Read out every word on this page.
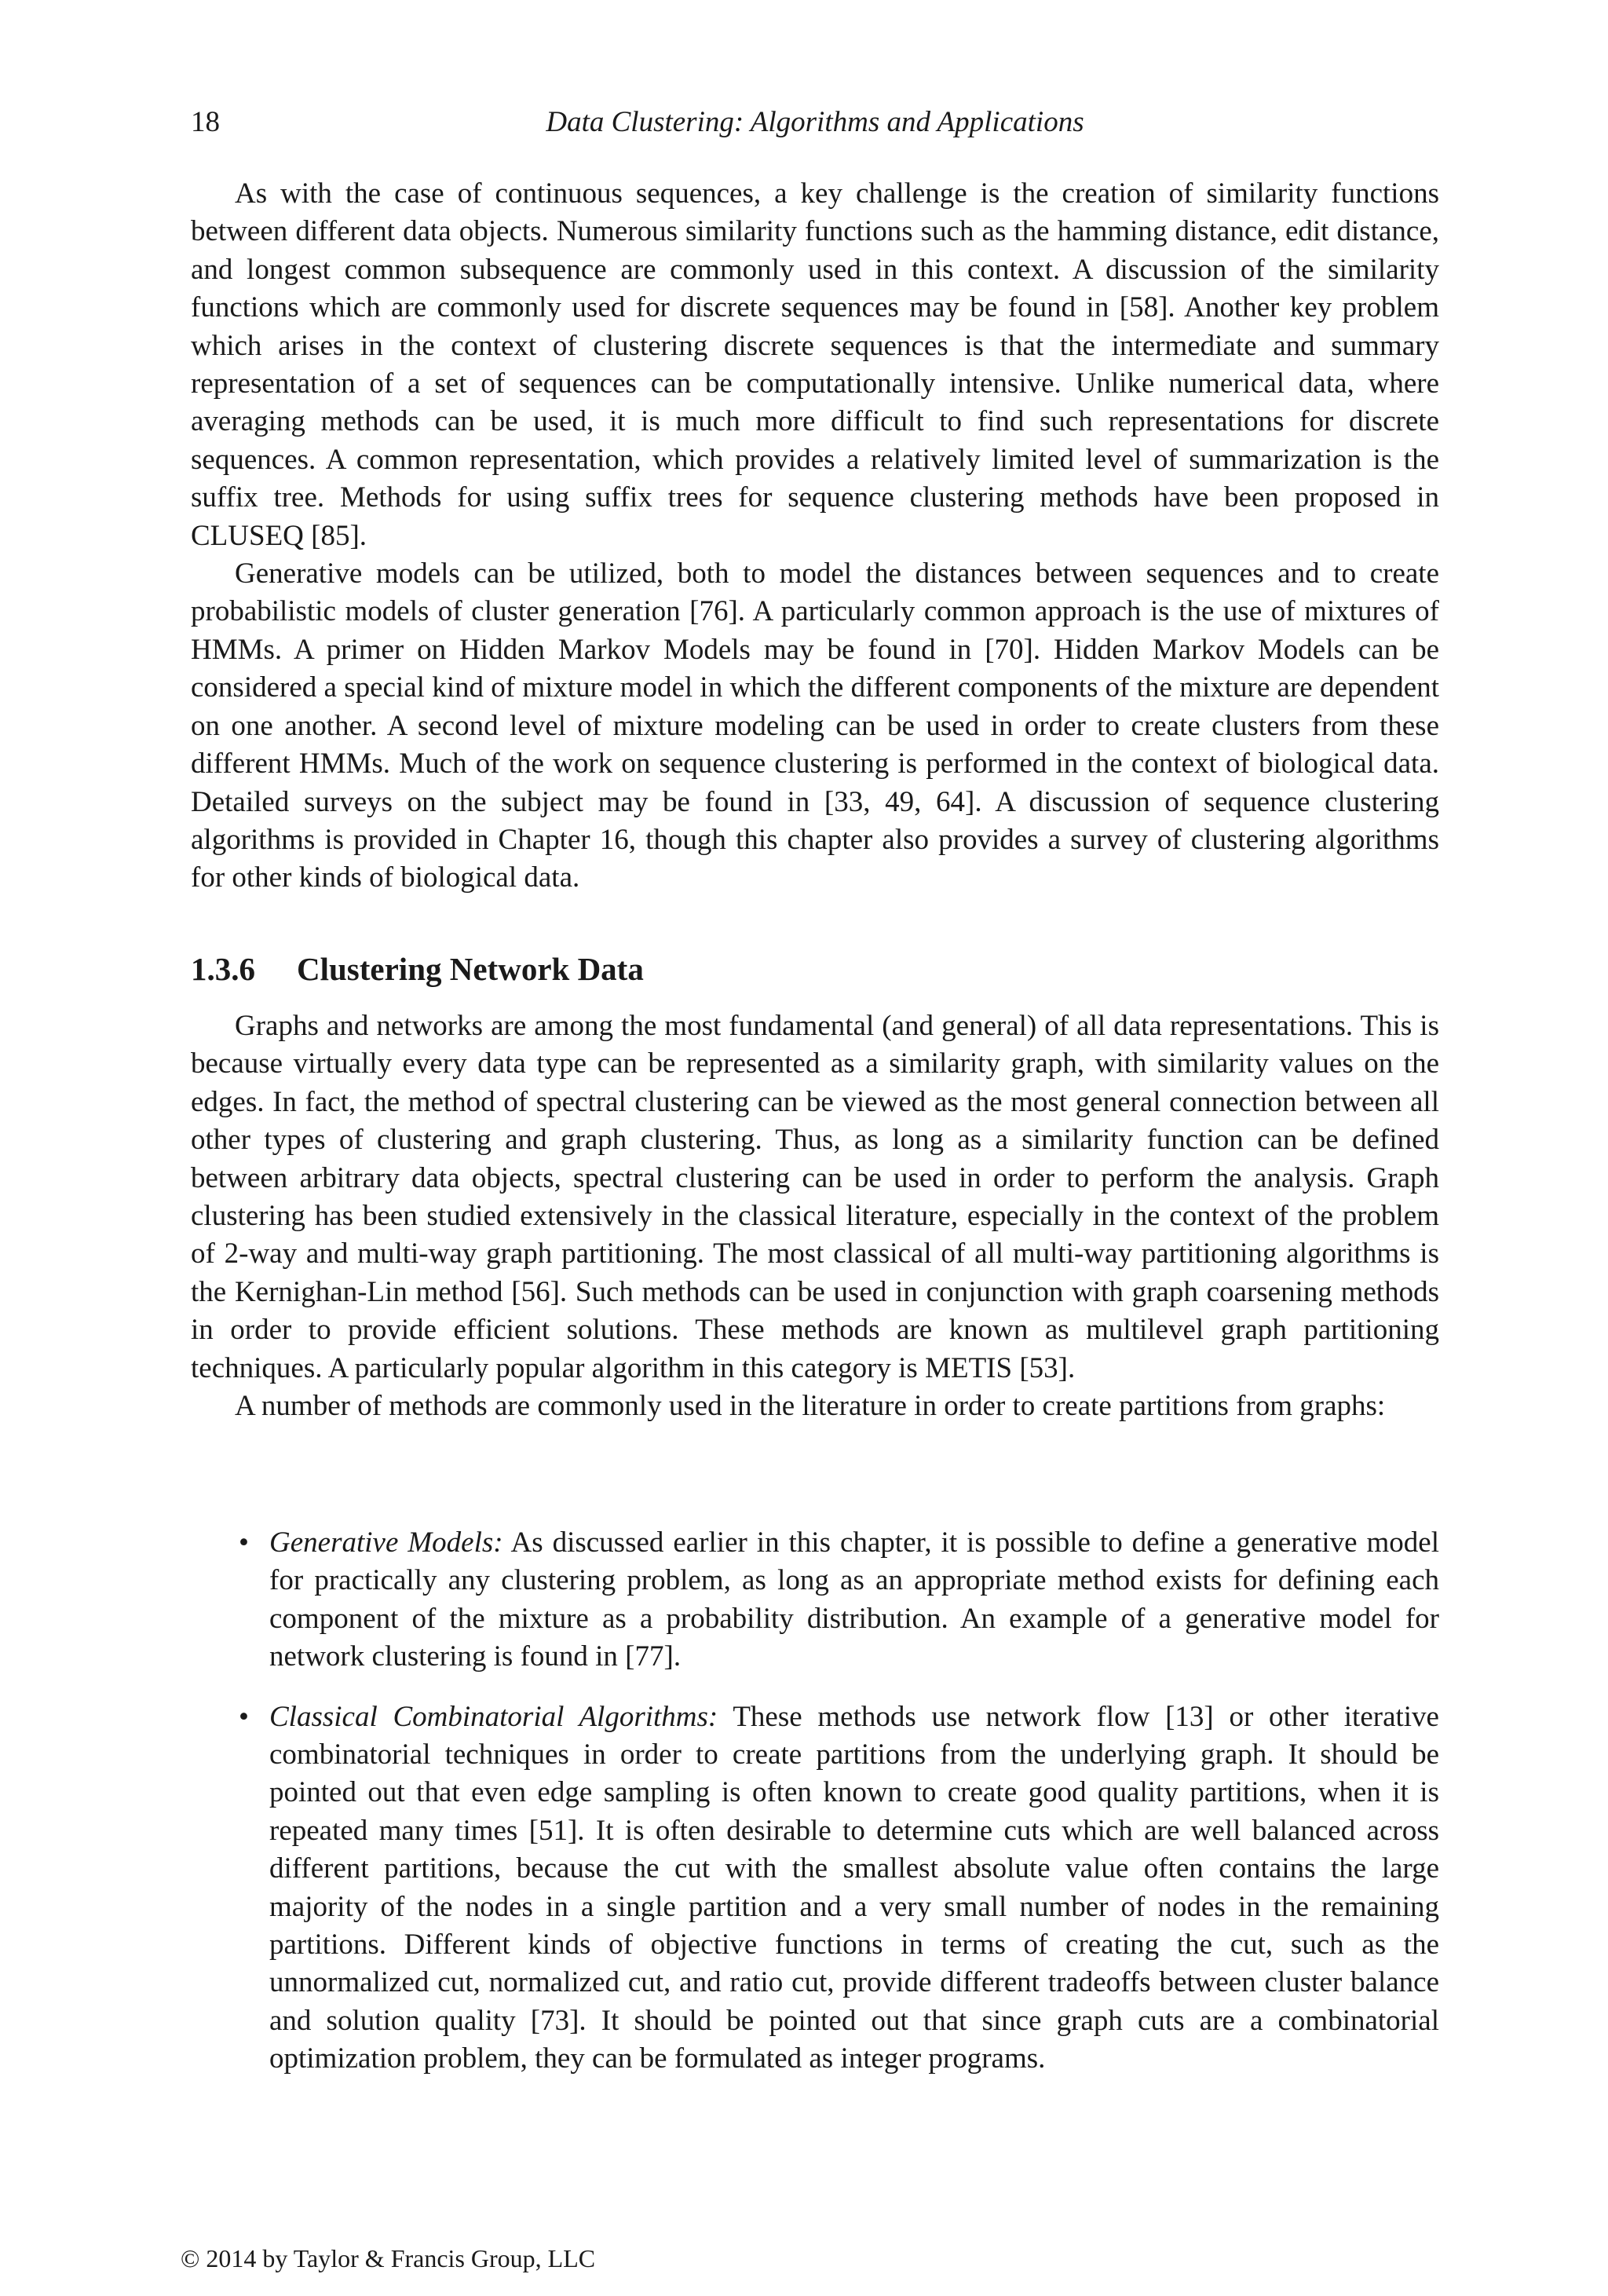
18	Data Clustering: Algorithms and Applications

As with the case of continuous sequences, a key challenge is the creation of similarity functions between different data objects. Numerous similarity functions such as the hamming distance, edit distance, and longest common subsequence are commonly used in this context. A discussion of the similarity functions which are commonly used for discrete sequences may be found in [58]. Another key problem which arises in the context of clustering discrete sequences is that the intermediate and summary representation of a set of sequences can be computationally intensive. Unlike numerical data, where averaging methods can be used, it is much more difficult to find such representations for discrete sequences. A common representation, which provides a relatively limited level of summarization is the suffix tree. Methods for using suffix trees for sequence clustering methods have been proposed in CLUSEQ [85].

Generative models can be utilized, both to model the distances between sequences and to create probabilistic models of cluster generation [76]. A particularly common approach is the use of mixtures of HMMs. A primer on Hidden Markov Models may be found in [70]. Hidden Markov Models can be considered a special kind of mixture model in which the different components of the mixture are dependent on one another. A second level of mixture modeling can be used in order to create clusters from these different HMMs. Much of the work on sequence clustering is performed in the context of biological data. Detailed surveys on the subject may be found in [33, 49, 64]. A discussion of sequence clustering algorithms is provided in Chapter 16, though this chapter also provides a survey of clustering algorithms for other kinds of biological data.

1.3.6 Clustering Network Data

Graphs and networks are among the most fundamental (and general) of all data representations. This is because virtually every data type can be represented as a similarity graph, with similarity values on the edges. In fact, the method of spectral clustering can be viewed as the most general connection between all other types of clustering and graph clustering. Thus, as long as a similarity function can be defined between arbitrary data objects, spectral clustering can be used in order to perform the analysis. Graph clustering has been studied extensively in the classical literature, especially in the context of the problem of 2-way and multi-way graph partitioning. The most classical of all multi-way partitioning algorithms is the Kernighan-Lin method [56]. Such methods can be used in conjunction with graph coarsening methods in order to provide efficient solutions. These methods are known as multilevel graph partitioning techniques. A particularly popular algorithm in this category is METIS [53].

A number of methods are commonly used in the literature in order to create partitions from graphs:

• Generative Models: As discussed earlier in this chapter, it is possible to define a generative model for practically any clustering problem, as long as an appropriate method exists for defining each component of the mixture as a probability distribution. An example of a generative model for network clustering is found in [77].
• Classical Combinatorial Algorithms: These methods use network flow [13] or other iterative combinatorial techniques in order to create partitions from the underlying graph. It should be pointed out that even edge sampling is often known to create good quality partitions, when it is repeated many times [51]. It is often desirable to determine cuts which are well balanced across different partitions, because the cut with the smallest absolute value often contains the large majority of the nodes in a single partition and a very small number of nodes in the remaining partitions. Different kinds of objective functions in terms of creating the cut, such as the unnormalized cut, normalized cut, and ratio cut, provide different tradeoffs between cluster balance and solution quality [73]. It should be pointed out that since graph cuts are a combinatorial optimization problem, they can be formulated as integer programs.
© 2014 by Taylor & Francis Group, LLC
